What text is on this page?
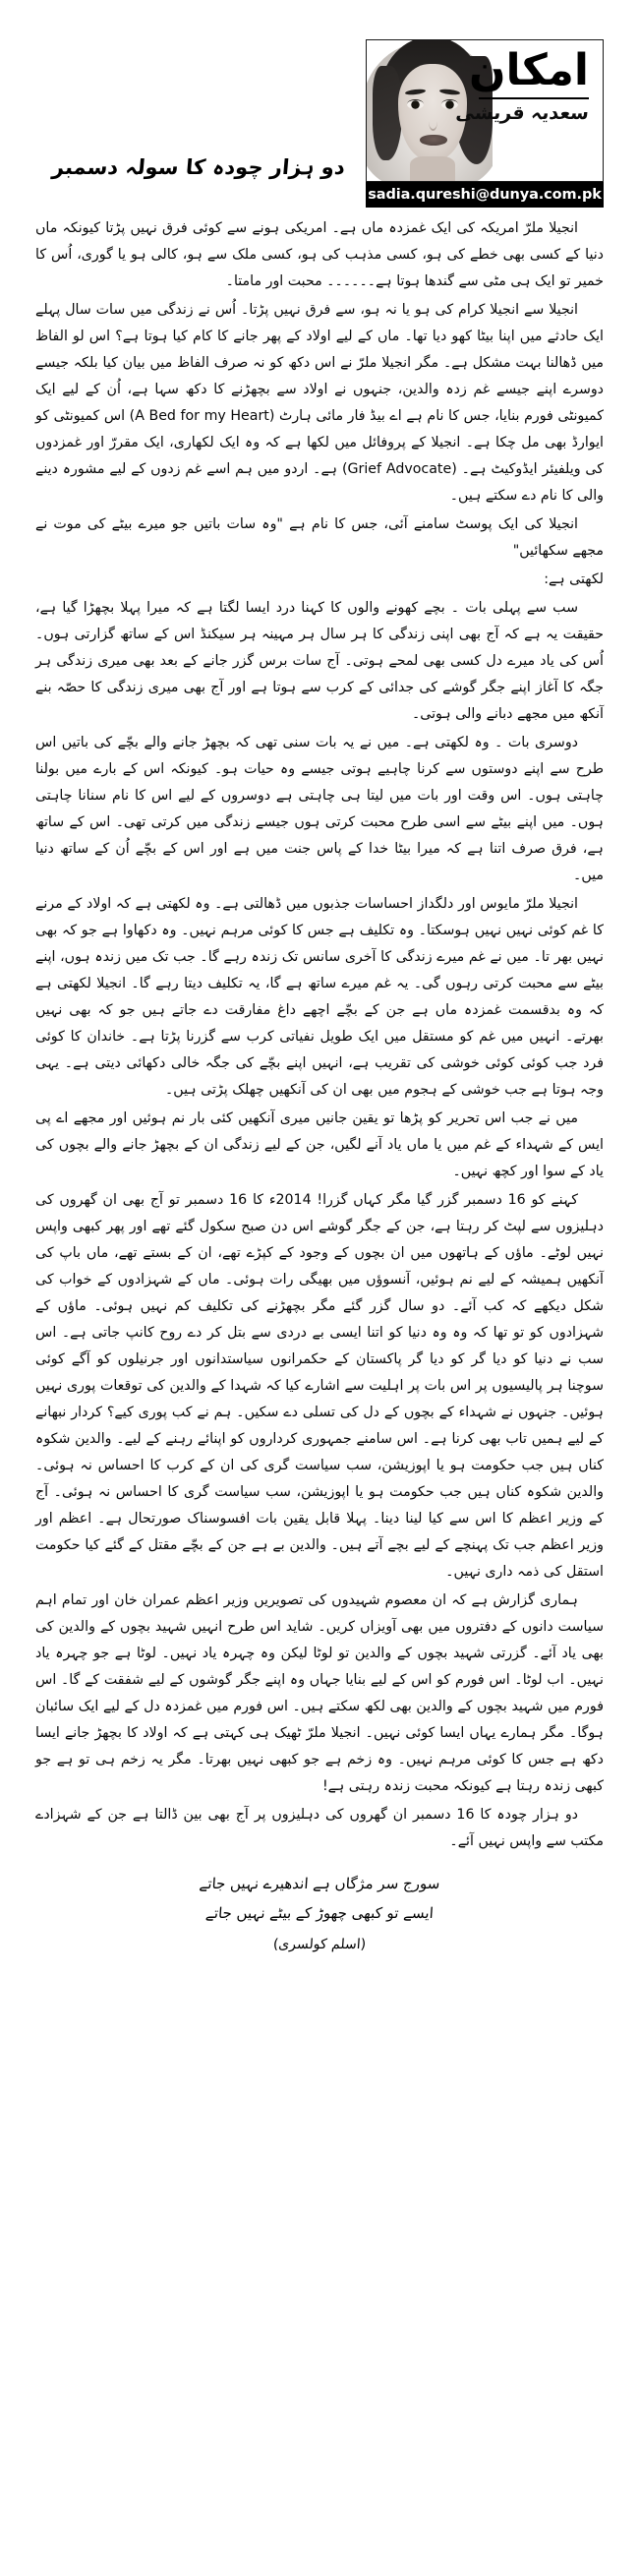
دو ہزار چودہ کا سولہ دسمبر
امکان
سعدیہ قریشی
sadia.qureshi@dunya.com.pk

انجیلا ملرّ امریکہ کی ایک غمزدہ ماں ہے۔ امریکی ہونے سے کوئی فرق نہیں پڑتا کیونکہ ماں دنیا کے کسی بھی خطے کی ہو، کسی مذہب کی ہو، کسی ملک سے ہو، کالی ہو یا گوری، اُس کا خمیر تو ایک ہی مٹی سے گندھا ہوتا ہے۔۔۔۔۔۔ محبت اور مامتا۔

انجیلا سے انجیلا کرام کی ہو یا نہ ہو، سے فرق نہیں پڑتا۔ اُس نے زندگی میں سات سال پہلے ایک حادثے میں اپنا بیٹا کھو دیا تھا۔ ماں کے لیے اولاد کے پھر جانے کا کام کیا ہوتا ہے؟ اس لو الفاظ میں ڈھالنا بہت مشکل ہے۔ مگر انجیلا ملرّ نے اس دکھ کو نہ صرف الفاظ میں بیان کیا بلکہ جیسے دوسرے اپنے جیسے غم زدہ والدین، جنہوں نے اولاد سے بچھڑنے کا دکھ سہا ہے، اُن کے لیے ایک کمیونٹی فورم بنایا، جس کا نام ہے اے بیڈ فار مائی ہارٹ (A Bed for my Heart) اس کمیونٹی کو ایوارڈ بھی مل چکا ہے۔ انجیلا کے پروفائل میں لکھا ہے کہ وہ ایک لکھاری، ایک مقررّ اور غمزدوں کی ویلفیئر ایڈوکیٹ ہے۔ (Grief Advocate) ہے۔ اردو میں ہم اسے غم زدوں کے لیے مشورہ دینے والی کا نام دے سکتے ہیں۔

انجیلا کی ایک پوسٹ سامنے آئی، جس کا نام ہے "وہ سات باتیں جو میرے بیٹے کی موت نے مجھے سکھائیں"

لکھتی ہے:

سب سے پہلی بات ۔ بچے کھونے والوں کا کہنا درد ایسا لگتا ہے کہ میرا پہلا بچھڑا گیا ہے، حقیقت یہ ہے کہ آج بھی اپنی زندگی کا ہر سال ہر مہینہ ہر سیکنڈ اس کے ساتھ گزارتی ہوں۔ اُس کی یاد میرے دل کسی بھی لمحے ہوتی۔ آج سات برس گزر جانے کے بعد بھی میری زندگی ہر جگہ کا آغاز اپنے جگر گوشے کی جدائی کے کرب سے ہوتا ہے اور آج بھی میری زندگی کا حصّہ بنے آنکھ میں مجھے دبانے والی ہوتی۔

دوسری بات ۔ وہ لکھتی ہے۔ میں نے یہ بات سنی تھی کہ بچھڑ جانے والے بچّے کی باتیں اس طرح سے اپنے دوستوں سے کرنا چاہیے ہوتی جیسے وہ حیات ہو۔ کیونکہ اس کے بارے میں بولنا چاہتی ہوں۔ اس وقت اور بات میں لیتا ہی چاہتی ہے دوسروں کے لیے اس کا نام سنانا چاہتی ہوں۔ میں اپنے بیٹے سے اسی طرح محبت کرتی ہوں جیسے زندگی میں کرتی تھی۔ اس کے ساتھ ہے، فرق صرف اتنا ہے کہ میرا بیٹا خدا کے پاس جنت میں ہے اور اس کے بچّے اُن کے ساتھ دنیا میں۔

انجیلا ملرّ مایوس اور دلگداز احساسات جذبوں میں ڈھالتی ہے۔ وہ لکھتی ہے کہ اولاد کے مرنے کا غم کوئی نہیں نہیں ہوسکتا۔ وہ تکلیف ہے جس کا کوئی مرہم نہیں۔ وہ دکھاوا ہے جو کہ بھی نہیں بھر تا۔ میں نے غم میرے زندگی کا آخری سانس تک زندہ رہے گا۔ جب تک میں زندہ ہوں، اپنے بیٹے سے محبت کرتی رہوں گی۔ یہ غم میرے ساتھ ہے گا، یہ تکلیف دیتا رہے گا۔ انجیلا لکھتی ہے کہ وہ بدقسمت غمزدہ ماں ہے جن کے بچّے اچھے داغ مفارقت دے جاتے ہیں جو کہ بھی نہیں بھرتے۔ انہیں میں غم کو مستقل میں ایک طویل نفیاتی کرب سے گزرنا پڑتا ہے۔ خاندان کا کوئی فرد جب کوئی کوئی خوشی کی تقریب ہے، انہیں اپنے بچّے کی جگہ خالی دکھائی دیتی ہے۔ یہی وجہ ہوتا ہے جب خوشی کے ہجوم میں بھی ان کی آنکھیں چھلک پڑتی ہیں۔

میں نے جب اس تحریر کو پڑھا تو یقین جانیں میری آنکھیں کئی بار نم ہوئیں اور مجھے اے پی ایس کے شہداء کے غم میں یا ماں یاد آنے لگیں، جن کے لیے زندگی ان کے بچھڑ جانے والے بچوں کی یاد کے سوا اور کچھ نہیں۔

کہنے کو 16 دسمبر گزر گیا مگر کہاں گزرا! 2014ء کا 16 دسمبر تو آج بھی ان گھروں کی دہلیزوں سے لپٹ کر رہتا ہے، جن کے جگر گوشے اس دن صبح سکول گئے تھے اور پھر کبھی واپس نہیں لوٹے۔ ماؤں کے ہاتھوں میں ان بچوں کے وجود کے کپڑے تھے، ان کے بستے تھے، ماں باپ کی آنکھیں ہمیشہ کے لیے نم ہوئیں، آنسوؤں میں بھیگی رات ہوئی۔ ماں کے شہزادوں کے خواب کی شکل دیکھے کہ کب آئے۔ دو سال گزر گئے مگر بچھڑنے کی تکلیف کم نہیں ہوئی۔ ماؤں کے شہزادوں کو تو تھا کہ وہ وہ دنیا کو اتنا ایسی بے دردی سے بتل کر دے روح کانپ جاتی ہے۔ اس سب نے دنیا کو دیا گر کو دیا گر پاکستان کے حکمرانوں سیاستدانوں اور جرنیلوں کو آگے کوئی سوچنا ہر پالیسیوں پر اس بات پر اہلیت سے اشارے کیا کہ شہدا کے والدین کی توقعات پوری نہیں ہوئیں۔ جنہوں نے شہداء کے بچوں کے دل کی تسلی دے سکیں۔ ہم نے کب پوری کیے؟ کردار نبھانے کے لیے ہمیں تاب بھی کرنا ہے۔ اس سامنے جمہوری کرداروں کو اپنائے رہنے کے لیے۔ والدین شکوہ کناں ہیں جب حکومت ہو یا اپوزیشن، سب سیاست گری کی ان کے کرب کا احساس نہ ہوئی۔ والدین شکوہ کناں ہیں جب حکومت ہو یا اپوزیشن، سب سیاست گری کا احساس نہ ہوئی۔ آج کے وزیر اعظم کا اس سے کیا لینا دینا۔ پہلا قابل یقین بات افسوسناک صورتحال ہے۔ اعظم اور وزیر اعظم جب تک پہنچے کے لیے بچے آتے ہیں۔ والدین بے ہے جن کے بچّے مقتل کے گئے کیا حکومت استقل کی ذمہ داری نہیں۔

ہماری گزارش ہے کہ ان معصوم شہیدوں کی تصویریں وزیر اعظم عمران خان اور تمام اہم سیاست دانوں کے دفتروں میں بھی آویزاں کریں۔ شاید اس طرح انہیں شہید بچوں کے والدین کی بھی یاد آئے۔ گزرتی شہید بچوں کے والدین تو لوٹا لیکن وہ چہرہ یاد نہیں۔ لوٹا ہے جو چہرہ یاد نہیں۔ اب لوٹا۔ اس فورم کو اس کے لیے بنایا جہاں وہ اپنے جگر گوشوں کے لیے شفقت کے گا۔ اس فورم میں شہید بچوں کے والدین بھی لکھ سکتے ہیں۔ اس فورم میں غمزدہ دل کے لیے ایک سائبان ہوگا۔ مگر ہمارے یہاں ایسا کوئی نہیں۔ انجیلا ملرّ ٹھیک ہی کہتی ہے کہ اولاد کا بچھڑ جانے ایسا دکھ ہے جس کا کوئی مرہم نہیں۔ وہ زخم ہے جو کبھی نہیں بھرتا۔ مگر یہ زخم ہی تو ہے جو کبھی زندہ رہتا ہے کیونکہ محبت زندہ رہتی ہے!

دو ہزار چودہ کا 16 دسمبر ان گھروں کی دہلیزوں پر آج بھی بین ڈالتا ہے جن کے شہزادے مکتب سے واپس نہیں آئے۔

سورج سر مژگاں ہے اندھیرے نہیں جاتے
ایسے تو کبھی چھوڑ کے بیٹے نہیں جاتے
(اسلم کولسری)
